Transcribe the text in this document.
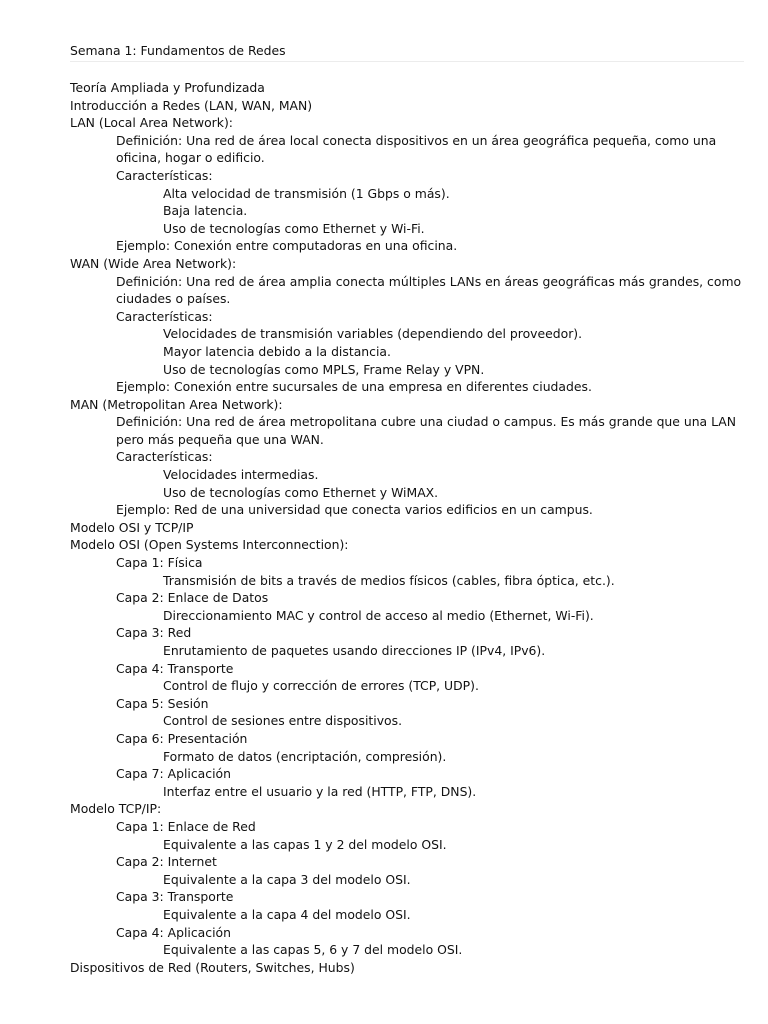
Semana 1: Fundamentos de Redes
Teoría Ampliada y Profundizada
Introducción a Redes (LAN, WAN, MAN)
LAN (Local Area Network):
Definición: Una red de área local conecta dispositivos en un área geográfica pequeña, como una
oficina, hogar o edificio.
Características:
Alta velocidad de transmisión (1 Gbps o más).
Baja latencia.
Uso de tecnologías como Ethernet y Wi-Fi.
Ejemplo: Conexión entre computadoras en una oficina.
WAN (Wide Area Network):
Definición: Una red de área amplia conecta múltiples LANs en áreas geográficas más grandes, como
ciudades o países.
Características:
Velocidades de transmisión variables (dependiendo del proveedor).
Mayor latencia debido a la distancia.
Uso de tecnologías como MPLS, Frame Relay y VPN.
Ejemplo: Conexión entre sucursales de una empresa en diferentes ciudades.
MAN (Metropolitan Area Network):
Definición: Una red de área metropolitana cubre una ciudad o campus. Es más grande que una LAN
pero más pequeña que una WAN.
Características:
Velocidades intermedias.
Uso de tecnologías como Ethernet y WiMAX.
Ejemplo: Red de una universidad que conecta varios edificios en un campus.
Modelo OSI y TCP/IP
Modelo OSI (Open Systems Interconnection):
Capa 1: Física
Transmisión de bits a través de medios físicos (cables, fibra óptica, etc.).
Capa 2: Enlace de Datos
Direccionamiento MAC y control de acceso al medio (Ethernet, Wi-Fi).
Capa 3: Red
Enrutamiento de paquetes usando direcciones IP (IPv4, IPv6).
Capa 4: Transporte
Control de flujo y corrección de errores (TCP, UDP).
Capa 5: Sesión
Control de sesiones entre dispositivos.
Capa 6: Presentación
Formato de datos (encriptación, compresión).
Capa 7: Aplicación
Interfaz entre el usuario y la red (HTTP, FTP, DNS).
Modelo TCP/IP:
Capa 1: Enlace de Red
Equivalente a las capas 1 y 2 del modelo OSI.
Capa 2: Internet
Equivalente a la capa 3 del modelo OSI.
Capa 3: Transporte
Equivalente a la capa 4 del modelo OSI.
Capa 4: Aplicación
Equivalente a las capas 5, 6 y 7 del modelo OSI.
Dispositivos de Red (Routers, Switches, Hubs)
